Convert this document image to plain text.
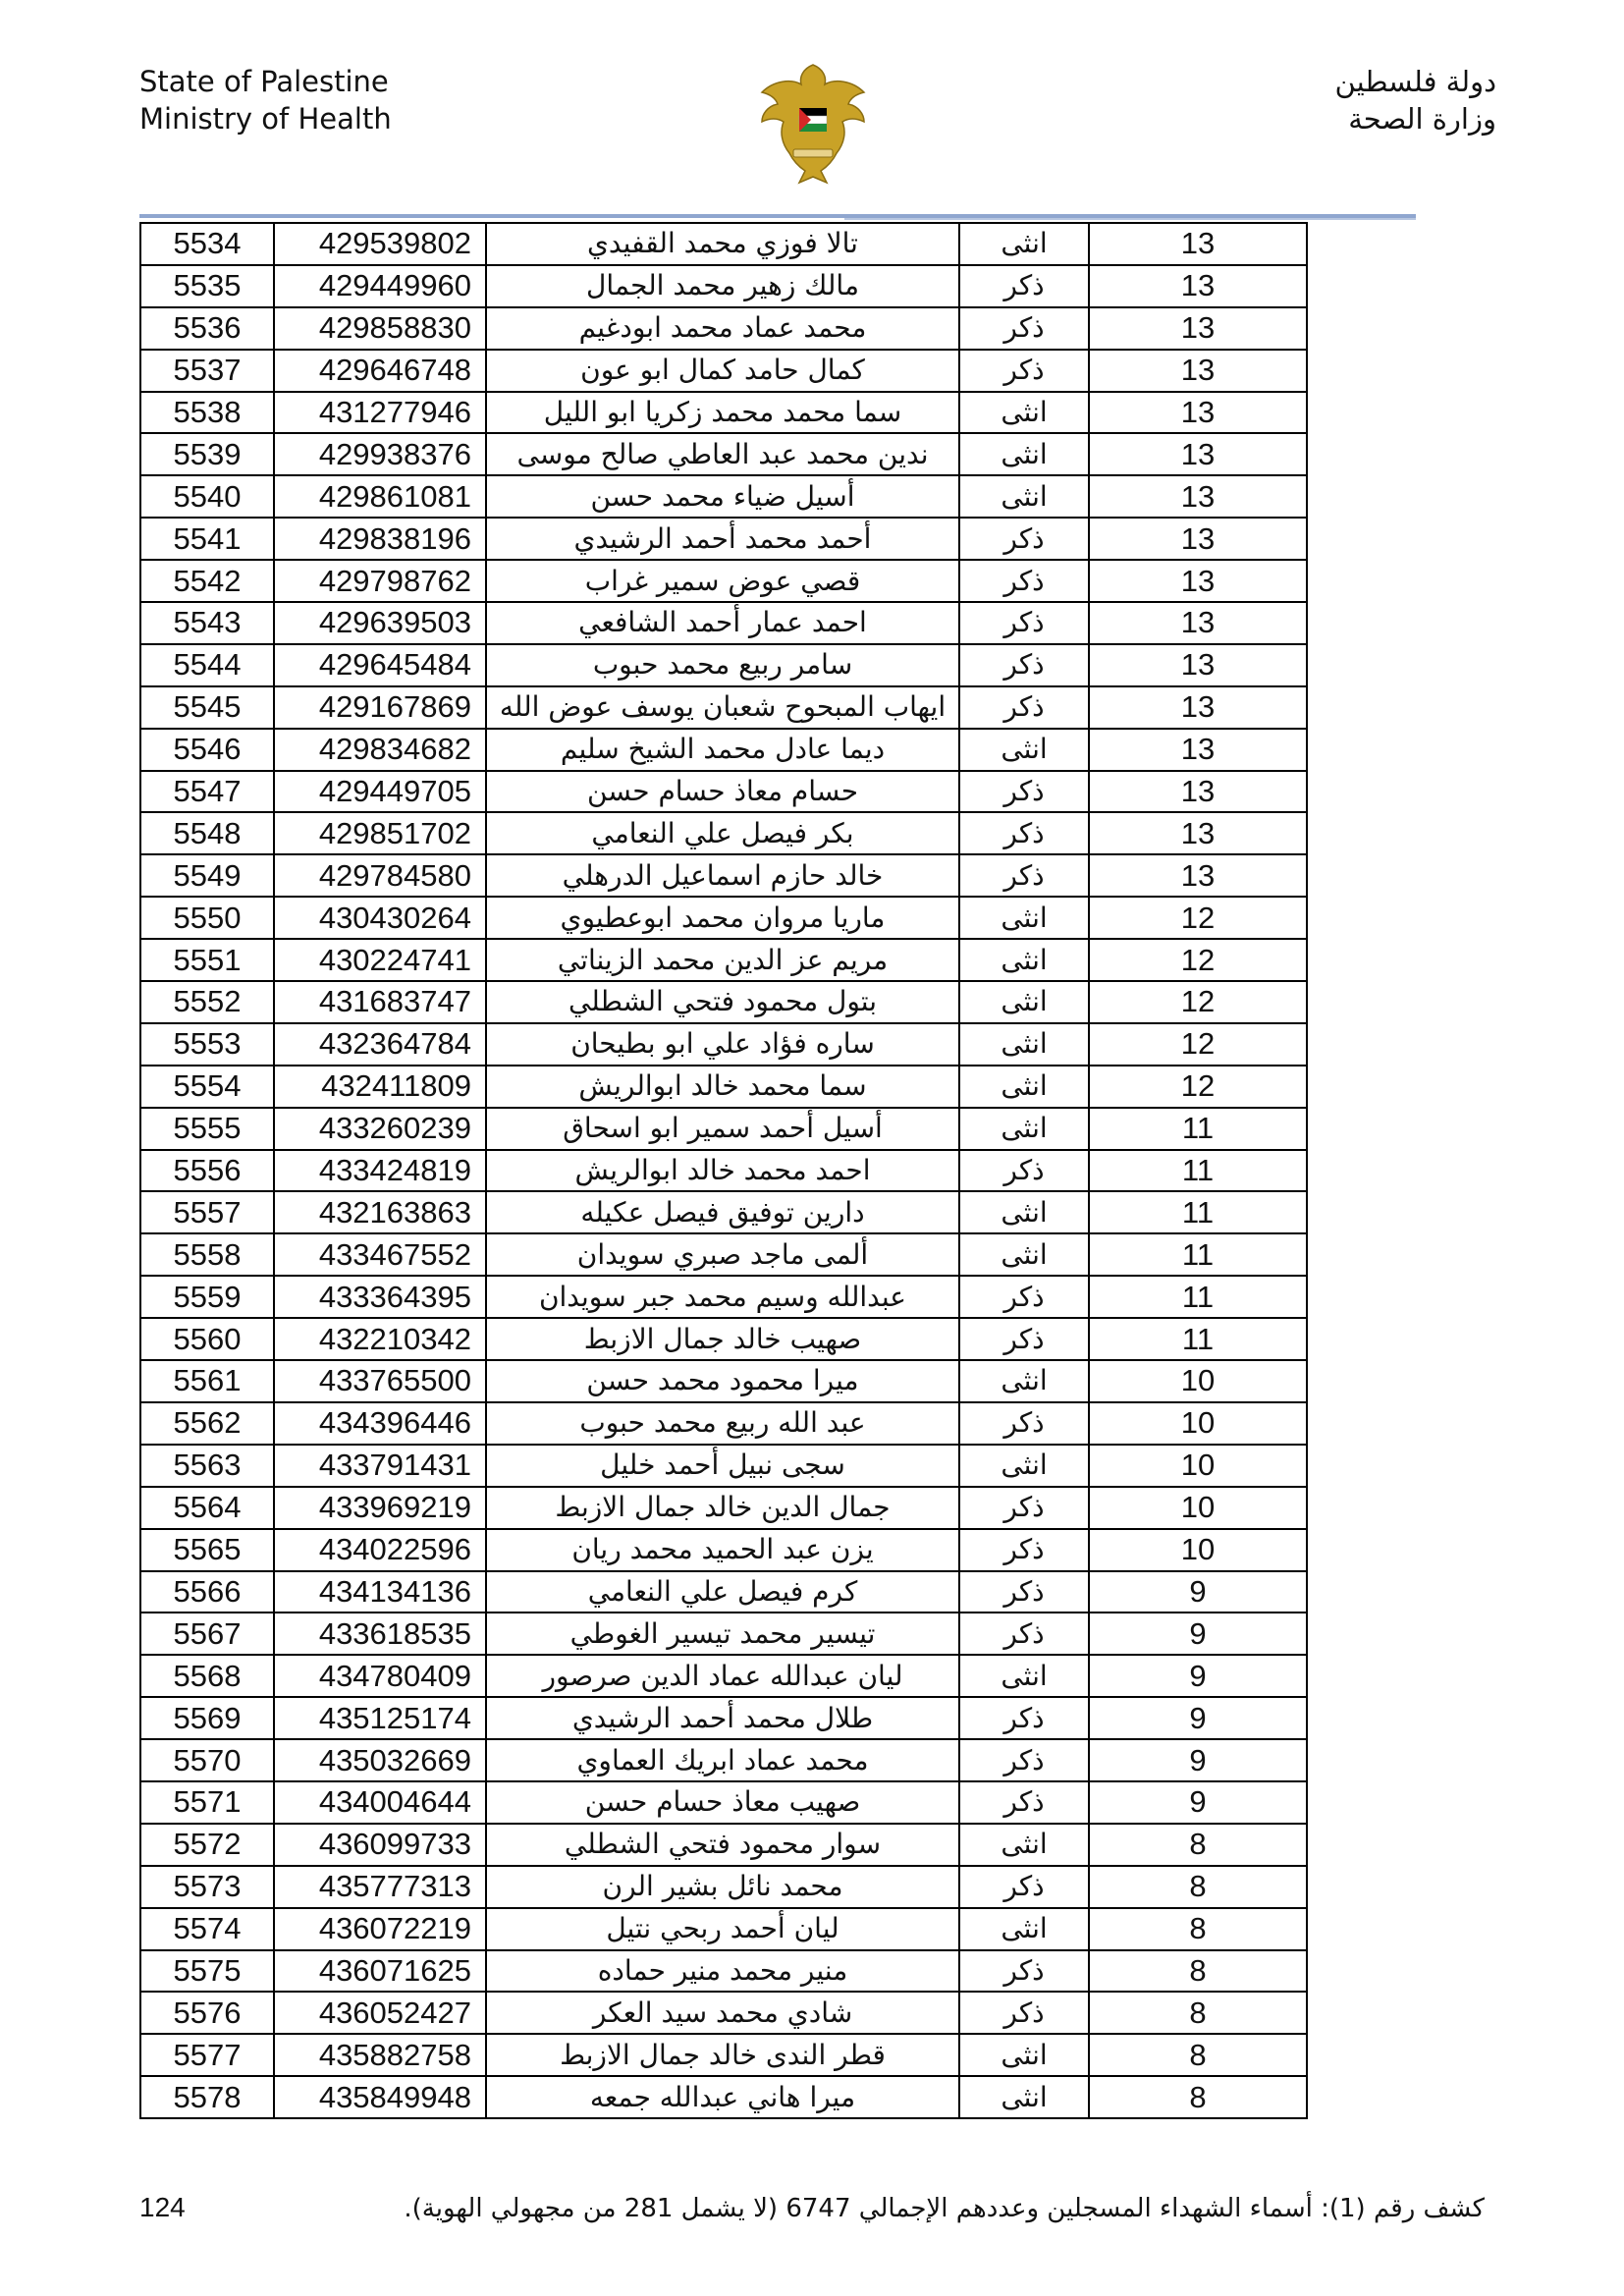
State of Palestine
Ministry of Health
دولة فلسطين
وزارة الصحة
5534	429539802	تالا فوزي محمد القفيدي	انثى	13
5535	429449960	مالك زهير محمد الجمال	ذكر	13
5536	429858830	محمد عماد محمد ابودغيم	ذكر	13
5537	429646748	كمال حامد كمال ابو عون	ذكر	13
5538	431277946	سما محمد محمد زكريا ابو الليل	انثى	13
5539	429938376	ندين محمد عبد العاطي صالح موسى	انثى	13
5540	429861081	أسيل ضياء محمد حسن	انثى	13
5541	429838196	أحمد محمد أحمد الرشيدي	ذكر	13
5542	429798762	قصي عوض سمير غراب	ذكر	13
5543	429639503	احمد عمار أحمد الشافعي	ذكر	13
5544	429645484	سامر ربيع محمد حبوب	ذكر	13
5545	429167869	ايهاب المبحوح شعبان يوسف عوض الله	ذكر	13
5546	429834682	ديما عادل محمد الشيخ سليم	انثى	13
5547	429449705	حسام معاذ حسام حسن	ذكر	13
5548	429851702	بكر فيصل علي النعامي	ذكر	13
5549	429784580	خالد حازم اسماعيل الدرهلي	ذكر	13
5550	430430264	ماريا مروان محمد ابوعطيوي	انثى	12
5551	430224741	مريم عز الدين محمد الزيناتي	انثى	12
5552	431683747	بتول محمود فتحي الشطلي	انثى	12
5553	432364784	ساره فؤاد علي ابو بطيحان	انثى	12
5554	432411809	سما محمد خالد ابوالريش	انثى	12
5555	433260239	أسيل أحمد سمير ابو اسحاق	انثى	11
5556	433424819	احمد محمد خالد ابوالريش	ذكر	11
5557	432163863	دارين توفيق فيصل عكيله	انثى	11
5558	433467552	ألمى ماجد صبري سويدان	انثى	11
5559	433364395	عبدالله وسيم محمد جبر سويدان	ذكر	11
5560	432210342	صهيب خالد جمال الازبط	ذكر	11
5561	433765500	ميرا محمود محمد حسن	انثى	10
5562	434396446	عبد الله ربيع محمد حبوب	ذكر	10
5563	433791431	سجى نبيل أحمد خليل	انثى	10
5564	433969219	جمال الدين خالد جمال الازبط	ذكر	10
5565	434022596	يزن عبد الحميد محمد ريان	ذكر	10
5566	434134136	كرم فيصل علي النعامي	ذكر	9
5567	433618535	تيسير محمد تيسير الغوطي	ذكر	9
5568	434780409	ليان عبدالله عماد الدين صرصور	انثى	9
5569	435125174	طلال محمد أحمد الرشيدي	ذكر	9
5570	435032669	محمد عماد ابريك العماوي	ذكر	9
5571	434004644	صهيب معاذ حسام حسن	ذكر	9
5572	436099733	سوار محمود فتحي الشطلي	انثى	8
5573	435777313	محمد نائل بشير الرن	ذكر	8
5574	436072219	ليان أحمد ربحي نتيل	انثى	8
5575	436071625	منير محمد منير حماده	ذكر	8
5576	436052427	شادي محمد سيد العكر	ذكر	8
5577	435882758	قطر الندى خالد جمال الازبط	انثى	8
5578	435849948	ميرا هاني عبدالله جمعه	انثى	8
124	كشف رقم (1): أسماء الشهداء المسجلين وعددهم الإجمالي 6747 (لا يشمل 281 من مجهولي الهوية).
